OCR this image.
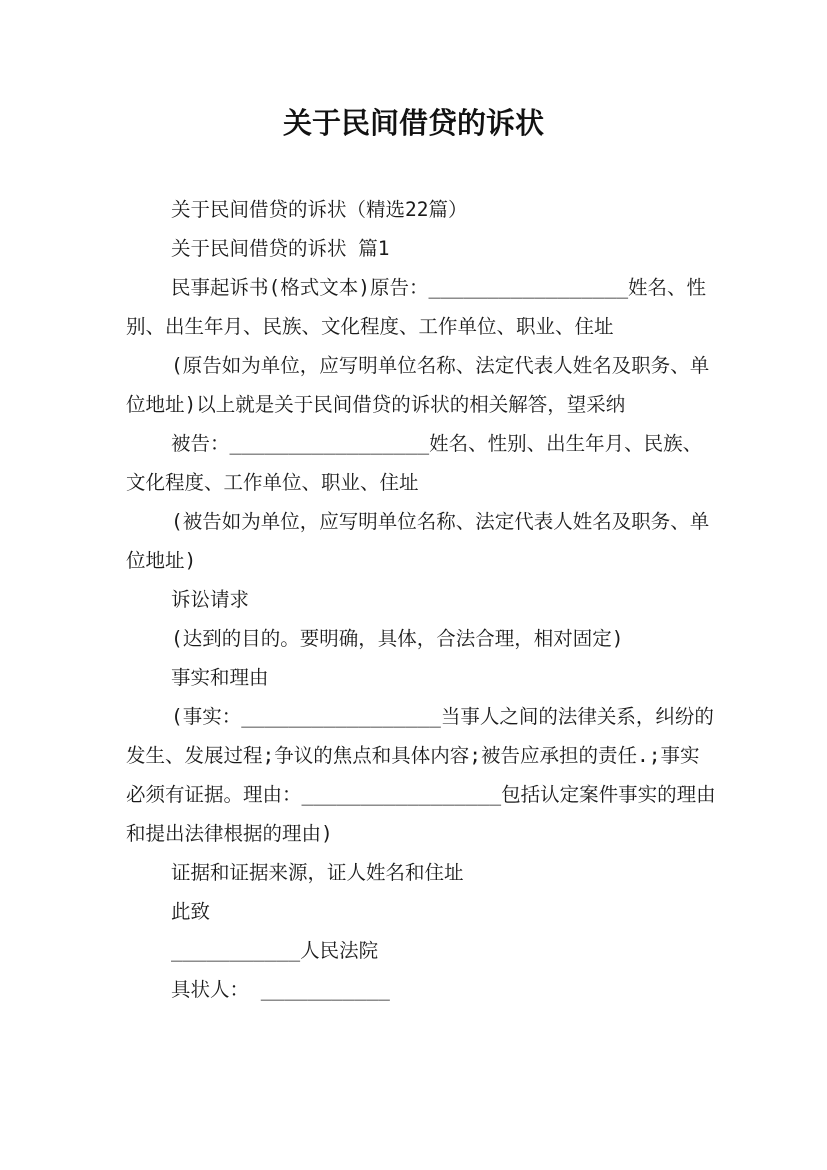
关于民间借贷的诉状

关于民间借贷的诉状（精选22篇）

关于民间借贷的诉状 篇1

民事起诉书(格式文本)原告：_________________姓名、性别、出生年月、民族、文化程度、工作单位、职业、住址

(原告如为单位，应写明单位名称、法定代表人姓名及职务、单位地址)以上就是关于民间借贷的诉状的相关解答，望采纳

被告：_________________姓名、性别、出生年月、民族、文化程度、工作单位、职业、住址

(被告如为单位，应写明单位名称、法定代表人姓名及职务、单位地址)

诉讼请求

(达到的目的。要明确，具体，合法合理，相对固定)

事实和理由

(事实：_________________当事人之间的法律关系，纠纷的发生、发展过程;争议的焦点和具体内容;被告应承担的责任.;事实必须有证据。理由：_________________包括认定案件事实的理由和提出法律根据的理由)

证据和证据来源，证人姓名和住址

此致

___________人民法院

具状人： ___________
